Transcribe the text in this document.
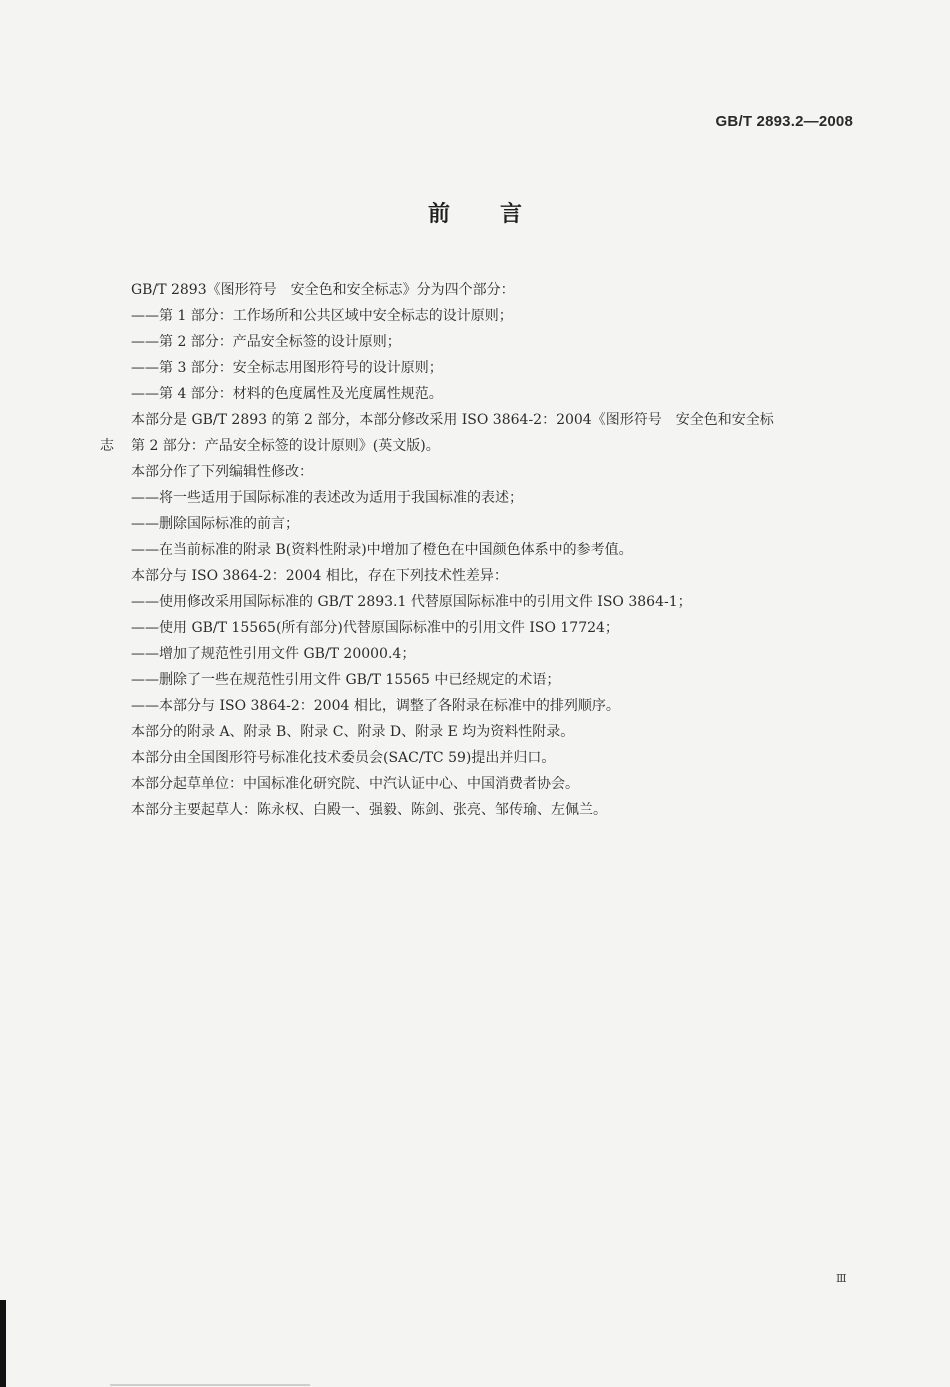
GB/T 2893.2—2008
前 言
GB/T 2893《图形符号　安全色和安全标志》分为四个部分：
——第 1 部分：工作场所和公共区域中安全标志的设计原则；
——第 2 部分：产品安全标签的设计原则；
——第 3 部分：安全标志用图形符号的设计原则；
——第 4 部分：材料的色度属性及光度属性规范。
本部分是 GB/T 2893 的第 2 部分，本部分修改采用 ISO 3864-2：2004《图形符号　安全色和安全标
志 第 2 部分：产品安全标签的设计原则》(英文版)。
本部分作了下列编辑性修改：
——将一些适用于国际标准的表述改为适用于我国标准的表述；
——删除国际标准的前言；
——在当前标准的附录 B(资料性附录)中增加了橙色在中国颜色体系中的参考值。
本部分与 ISO 3864-2：2004 相比，存在下列技术性差异：
——使用修改采用国际标准的 GB/T 2893.1 代替原国际标准中的引用文件 ISO 3864-1；
——使用 GB/T 15565(所有部分)代替原国际标准中的引用文件 ISO 17724；
——增加了规范性引用文件 GB/T 20000.4；
——删除了一些在规范性引用文件 GB/T 15565 中已经规定的术语；
——本部分与 ISO 3864-2：2004 相比，调整了各附录在标准中的排列顺序。
本部分的附录 A、附录 B、附录 C、附录 D、附录 E 均为资料性附录。
本部分由全国图形符号标准化技术委员会(SAC/TC 59)提出并归口。
本部分起草单位：中国标准化研究院、中汽认证中心、中国消费者协会。
本部分主要起草人：陈永权、白殿一、强毅、陈剑、张亮、邹传瑜、左佩兰。
Ⅲ
